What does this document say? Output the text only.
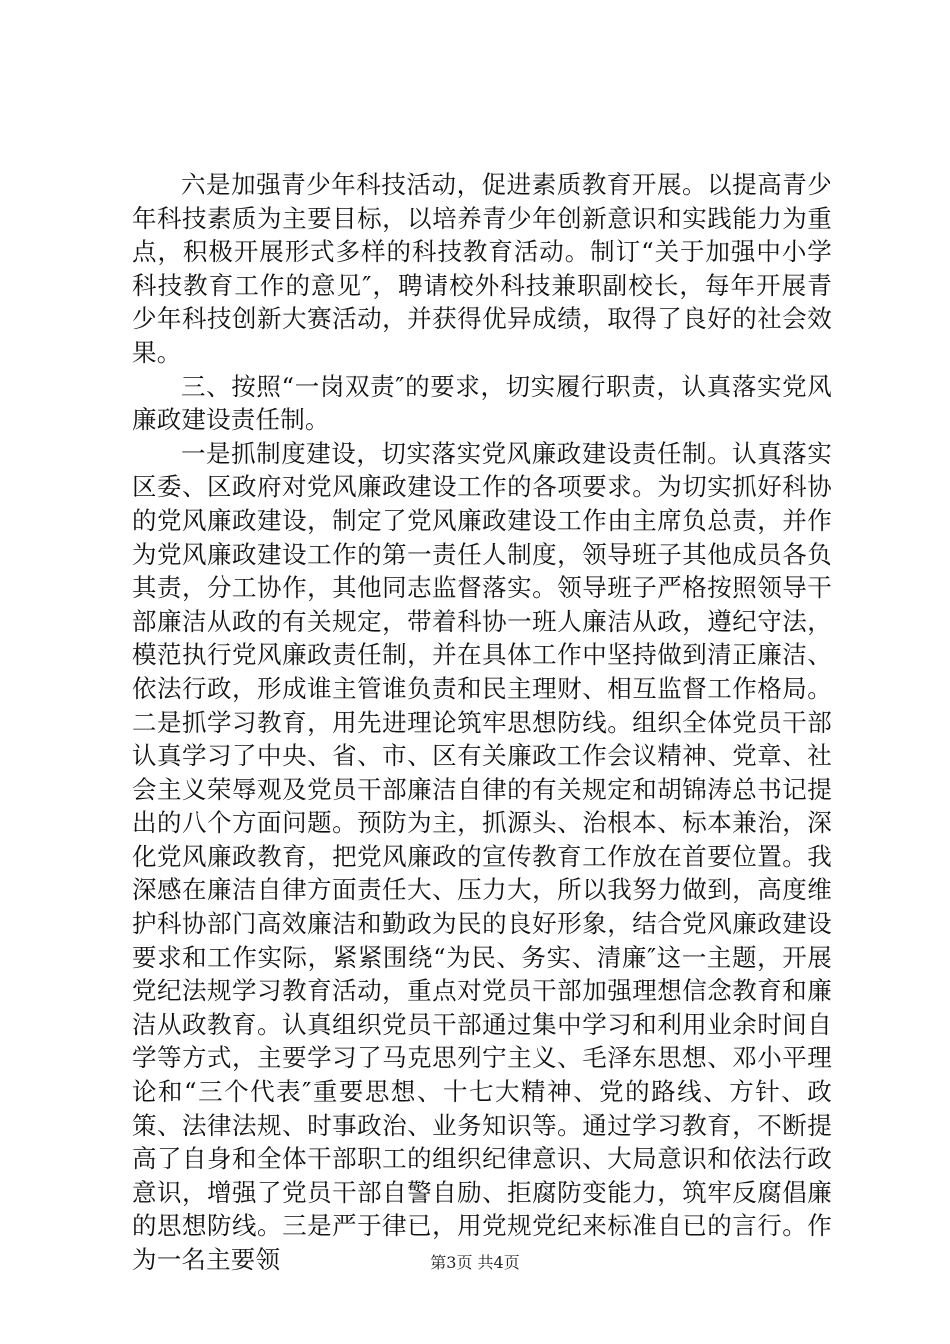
六是加强青少年科技活动，促进素质教育开展。以提高青少年科技素质为主要目标，以培养青少年创新意识和实践能力为重点，积极开展形式多样的科技教育活动。制订“关于加强中小学科技教育工作的意见″，聘请校外科技兼职副校长，每年开展青少年科技创新大赛活动，并获得优异成绩，取得了良好的社会效果。

三、按照“一岗双责″的要求，切实履行职责，认真落实党风廉政建设责任制。

一是抓制度建设，切实落实党风廉政建设责任制。认真落实区委、区政府对党风廉政建设工作的各项要求。为切实抓好科协的党风廉政建设，制定了党风廉政建设工作由主席负总责，并作为党风廉政建设工作的第一责任人制度，领导班子其他成员各负其责，分工协作，其他同志监督落实。领导班子严格按照领导干部廉洁从政的有关规定，带着科协一班人廉洁从政，遵纪守法，模范执行党风廉政责任制，并在具体工作中坚持做到清正廉洁、依法行政，形成谁主管谁负责和民主理财、相互监督工作格局。二是抓学习教育，用先进理论筑牢思想防线。组织全体党员干部认真学习了中央、省、市、区有关廉政工作会议精神、党章、社会主义荣辱观及党员干部廉洁自律的有关规定和胡锦涛总书记提出的八个方面问题。预防为主，抓源头、治根本、标本兼治，深化党风廉政教育，把党风廉政的宣传教育工作放在首要位置。我深感在廉洁自律方面责任大、压力大，所以我努力做到，高度维护科协部门高效廉洁和勤政为民的良好形象，结合党风廉政建设要求和工作实际，紧紧围绕“为民、务实、清廉″这一主题，开展党纪法规学习教育活动，重点对党员干部加强理想信念教育和廉洁从政教育。认真组织党员干部通过集中学习和利用业余时间自学等方式，主要学习了马克思列宁主义、毛泽东思想、邓小平理论和“三个代表″重要思想、十七大精神、党的路线、方针、政策、法律法规、时事政治、业务知识等。通过学习教育，不断提高了自身和全体干部职工的组织纪律意识、大局意识和依法行政意识，增强了党员干部自警自励、拒腐防变能力，筑牢反腐倡廉的思想防线。三是严于律已，用党规党纪来标准自已的言行。作为一名主要领	第3页 共4页
